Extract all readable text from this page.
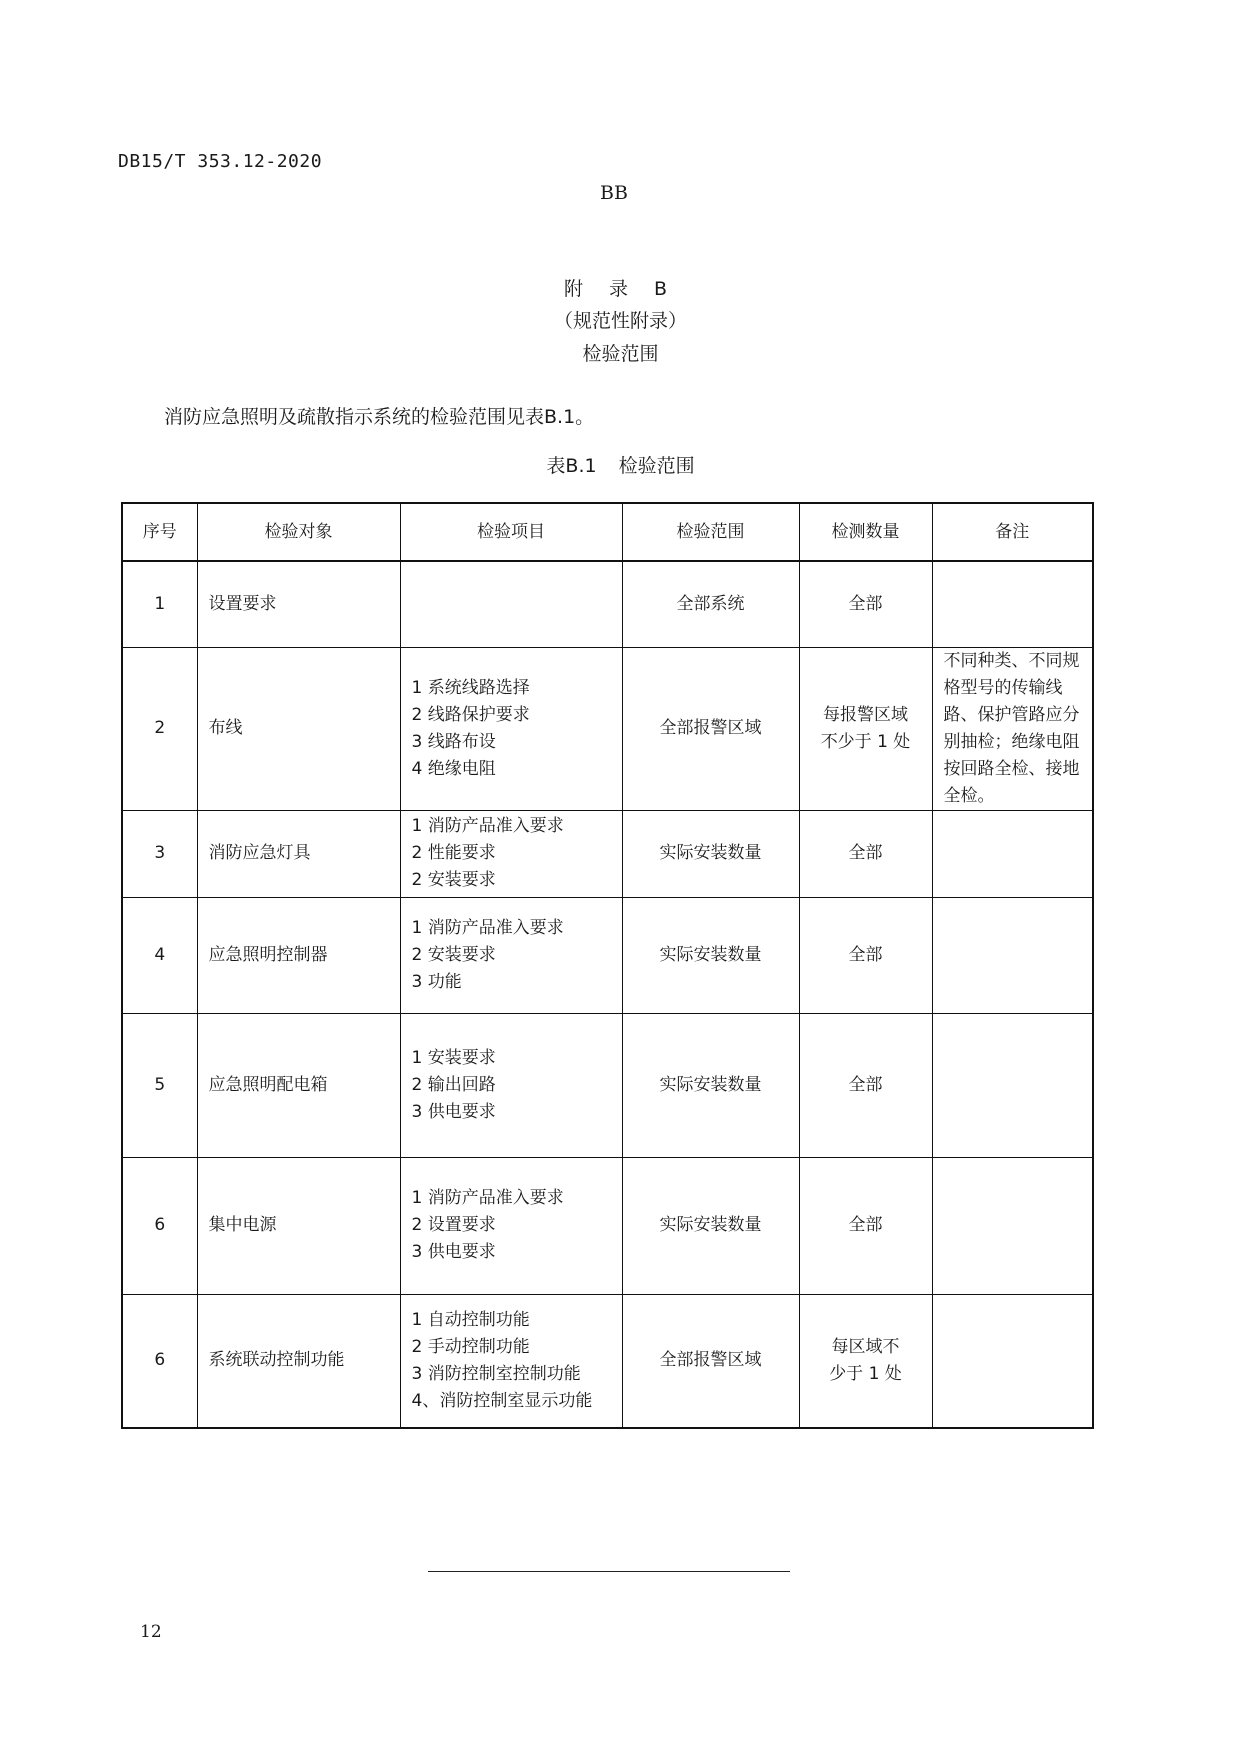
DB15/T 353.12-2020
BB
附 录 B
（规范性附录）
检验范围
消防应急照明及疏散指示系统的检验范围见表B.1。
表B.1 检验范围
序号	检验对象	检验项目	检验范围	检测数量	备注
1	设置要求		全部系统	全部	
2	布线	1 系统线路选择
2 线路保护要求
3 线路布设
4 绝缘电阻	全部报警区域	每报警区域
不少于 1 处	不同种类、不同规格型号的传输线路、保护管路应分别抽检；绝缘电阻按回路全检、接地全检。
3	消防应急灯具	1 消防产品准入要求
2 性能要求
2 安装要求	实际安装数量	全部	
4	应急照明控制器	1 消防产品准入要求
2 安装要求
3 功能	实际安装数量	全部	
5	应急照明配电箱	1 安装要求
2 输出回路
3 供电要求	实际安装数量	全部	
6	集中电源	1 消防产品准入要求
2 设置要求
3 供电要求	实际安装数量	全部	
6	系统联动控制功能	1 自动控制功能
2 手动控制功能
3 消防控制室控制功能
4、消防控制室显示功能	全部报警区域	每区域不
少于 1 处	
12
